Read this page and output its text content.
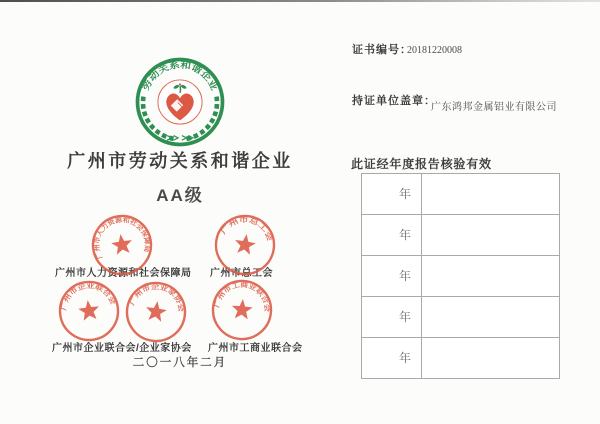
劳动关系和谐企业
广州市劳动关系和谐企业
AA级
广州市人力资源和社会保障局
广州市总工会
广州市企业联合会	广州市企业家协会	广州市工商业联合会
广州市人力资源和社会保障局 广州市总工会
广州市企业联合会/企业家协会 广州市工商业联合会
二〇一八年二月
证书编号：
20181220008
持证单位盖章：
广东鸿邦金属铝业有限公司
此证经年度报告核验有效
年
年
年
年
年
